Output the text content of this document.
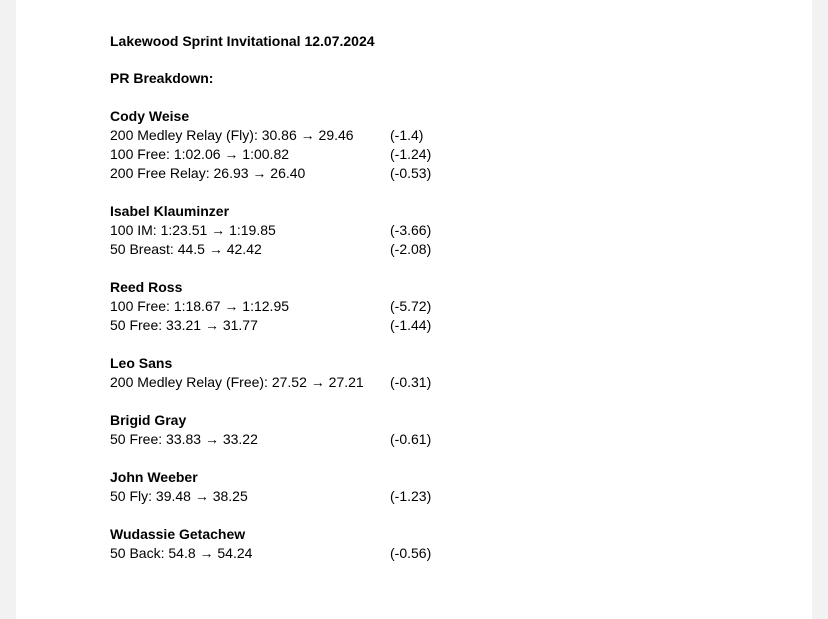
Lakewood Sprint Invitational 12.07.2024
PR Breakdown:
Cody Weise
200 Medley Relay (Fly): 30.86 → 29.46	(-1.4)
100 Free: 1:02.06 → 1:00.82	(-1.24)
200 Free Relay: 26.93 → 26.40	(-0.53)
Isabel Klauminzer
100 IM: 1:23.51 → 1:19.85	(-3.66)
50 Breast: 44.5 → 42.42	(-2.08)
Reed Ross
100 Free: 1:18.67 → 1:12.95	(-5.72)
50 Free: 33.21 → 31.77	(-1.44)
Leo Sans
200 Medley Relay (Free): 27.52 → 27.21 (-0.31)
Brigid Gray
50 Free: 33.83 → 33.22	(-0.61)
John Weeber
50 Fly: 39.48 → 38.25	(-1.23)
Wudassie Getachew
50 Back: 54.8 → 54.24	(-0.56)
